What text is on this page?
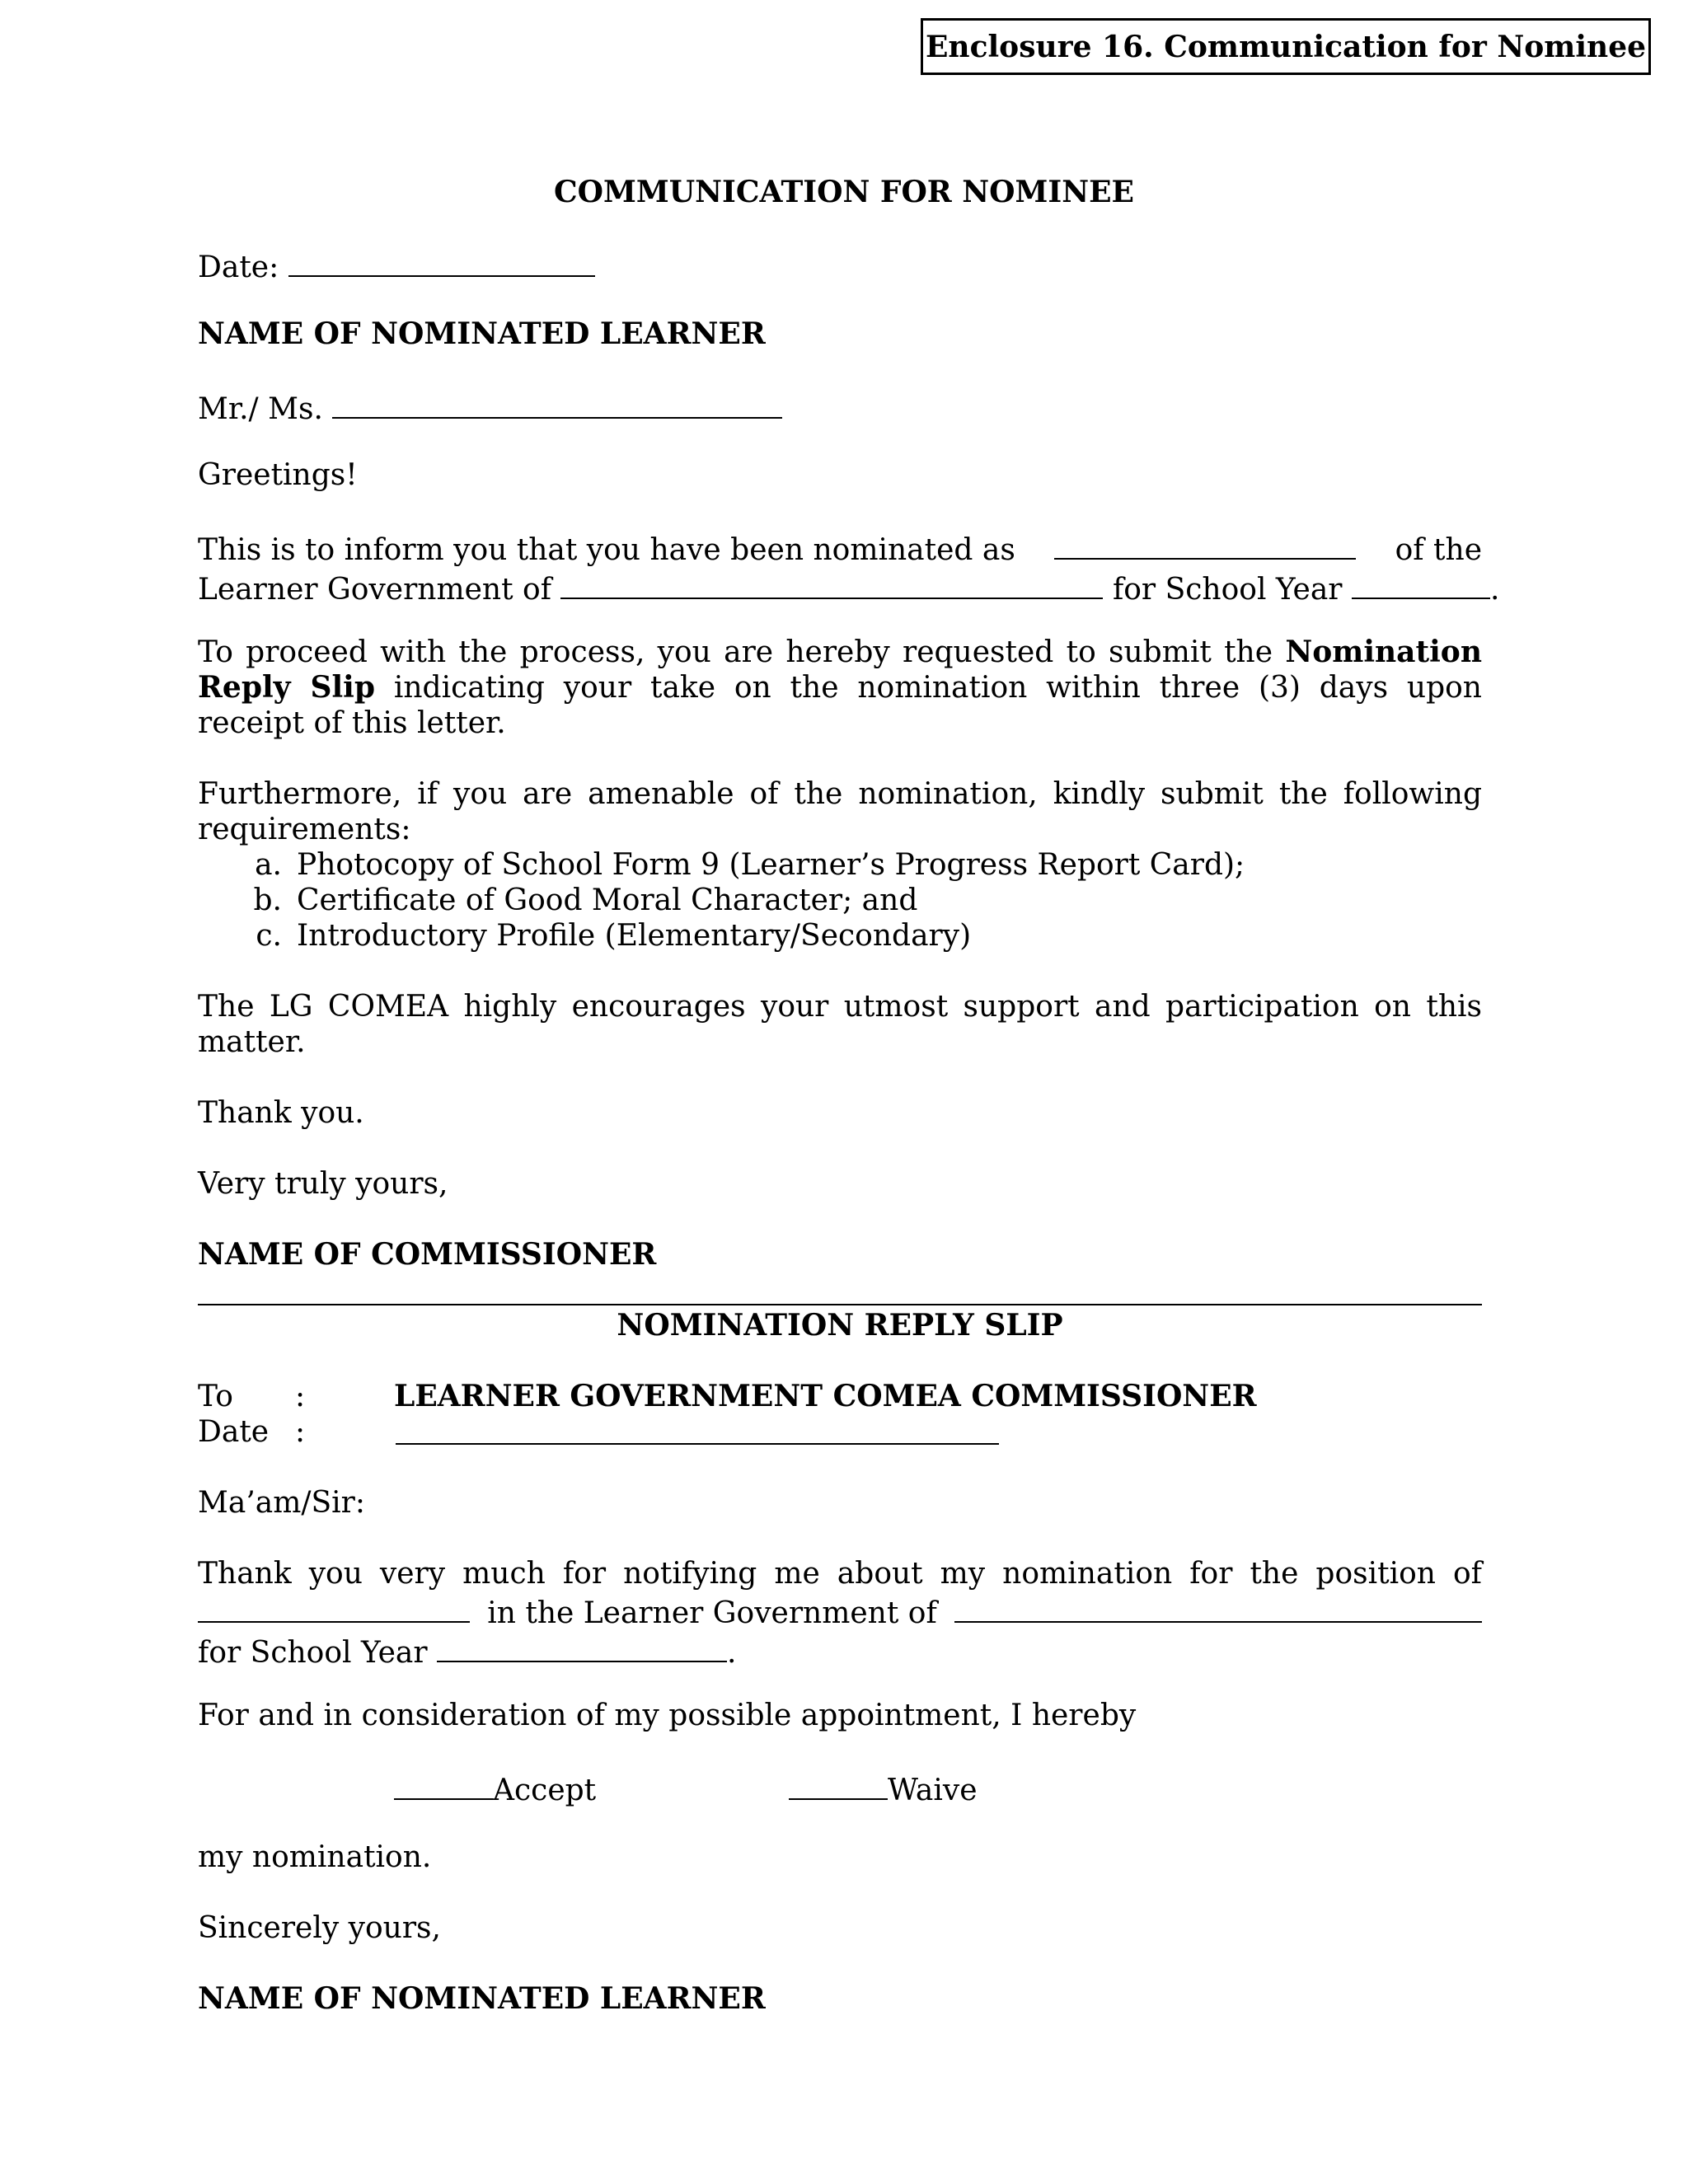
Enclosure 16. Communication for Nominee
COMMUNICATION FOR NOMINEE
Date:
NAME OF NOMINATED LEARNER
Mr./ Ms.
Greetings!
This is to inform you that you have been nominated as	of the
Learner Government of	for School Year	.
To proceed with the process, you are hereby requested to submit the Nomination Reply Slip indicating your take on the nomination within three (3) days upon receipt of this letter.
Furthermore, if you are amenable of the nomination, kindly submit the following requirements:
a. Photocopy of School Form 9 (Learner’s Progress Report Card);
b. Certificate of Good Moral Character; and
c. Introductory Profile (Elementary/Secondary)
The LG COMEA highly encourages your utmost support and participation on this matter.
Thank you.
Very truly yours,
NAME OF COMMISSIONER
NOMINATION REPLY SLIP
To :	LEARNER GOVERNMENT COMEA COMMISSIONER
Date :
Ma’am/Sir:
Thank you very much for notifying me about my nomination for the position of
in the Learner Government of
for School Year	.
For and in consideration of my possible appointment, I hereby
Accept	Waive
my nomination.
Sincerely yours,
NAME OF NOMINATED LEARNER
